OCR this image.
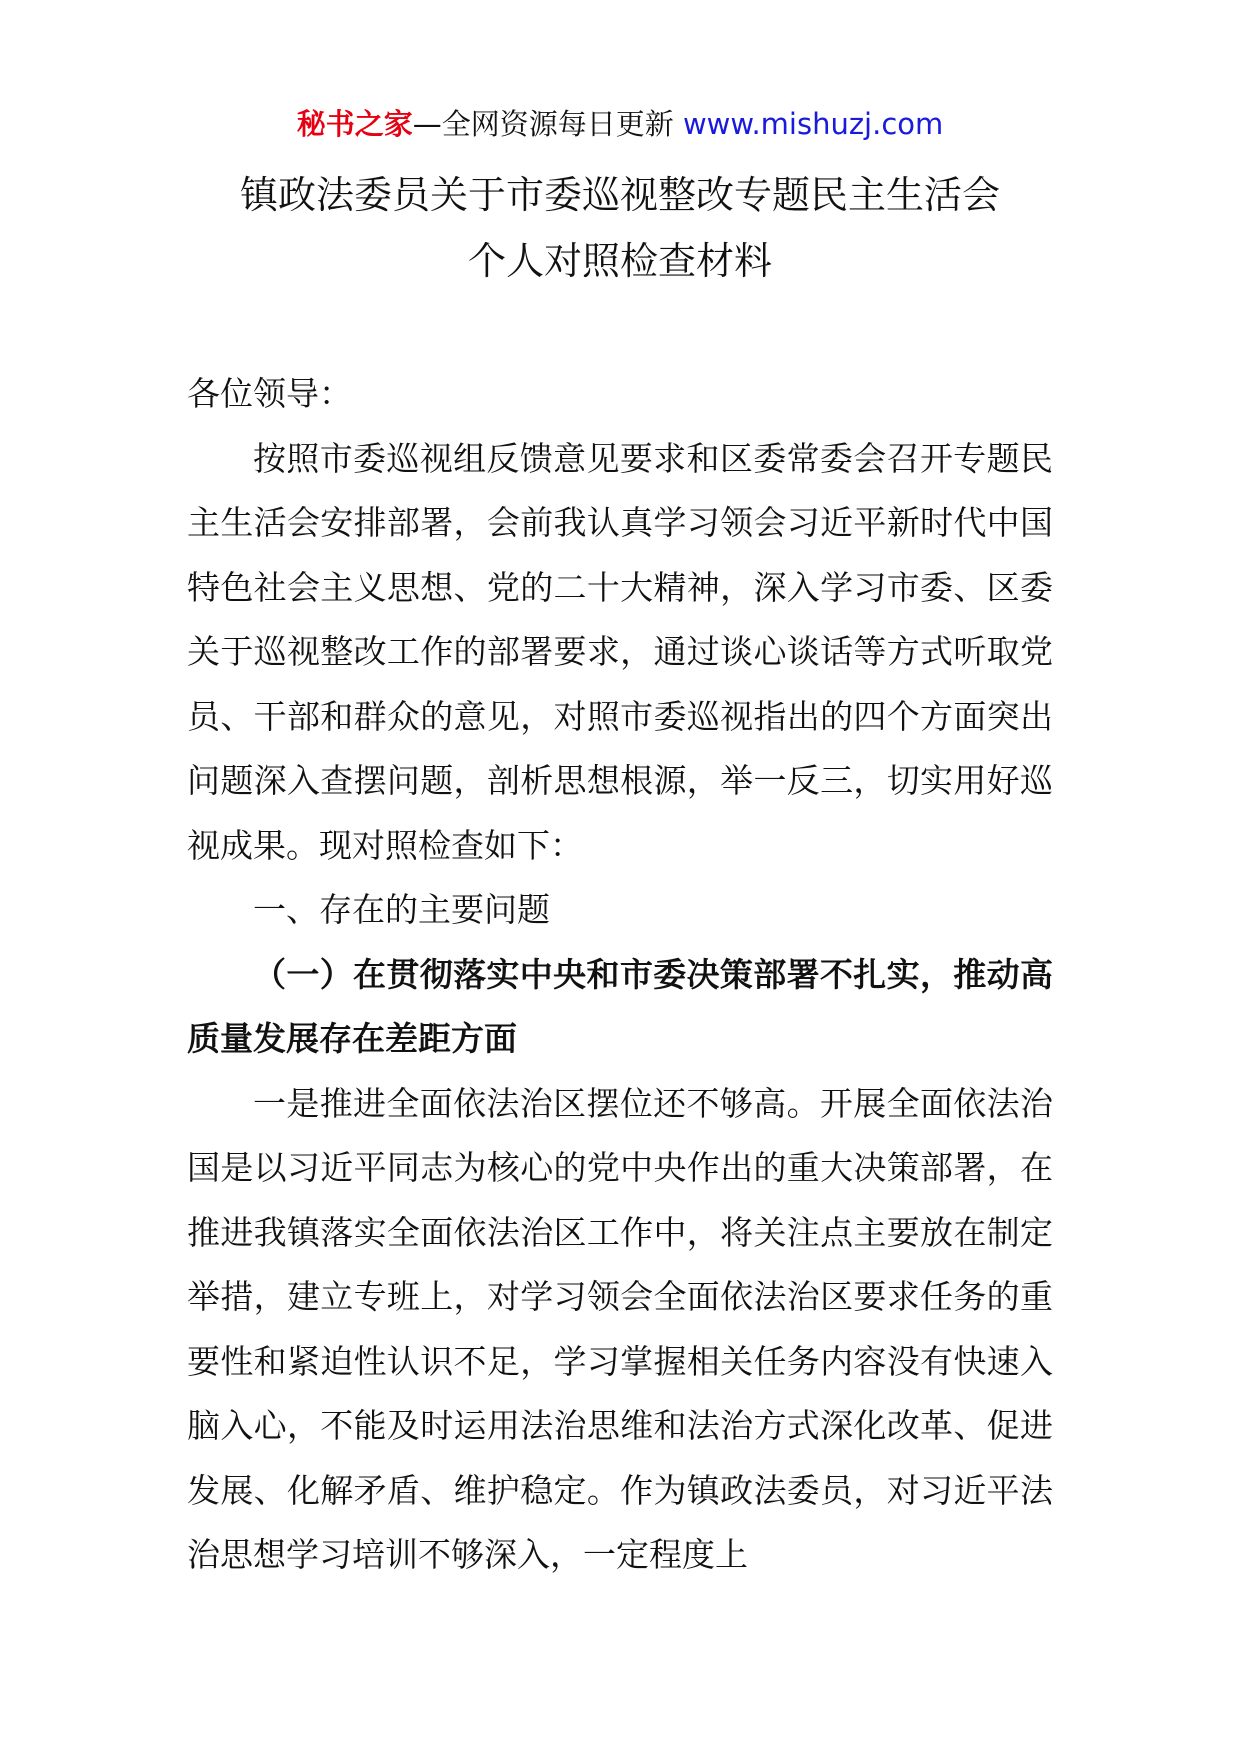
秘书之家—全网资源每日更新 www.mishuzj.com
镇政法委员关于市委巡视整改专题民主生活会
个人对照检查材料

各位领导：

按照市委巡视组反馈意见要求和区委常委会召开专题民主生活会安排部署，会前我认真学习领会习近平新时代中国特色社会主义思想、党的二十大精神，深入学习市委、区委关于巡视整改工作的部署要求，通过谈心谈话等方式听取党员、干部和群众的意见，对照市委巡视指出的四个方面突出问题深入查摆问题，剖析思想根源，举一反三，切实用好巡视成果。现对照检查如下：

一、存在的主要问题

（一）在贯彻落实中央和市委决策部署不扎实，推动高质量发展存在差距方面

一是推进全面依法治区摆位还不够高。开展全面依法治国是以习近平同志为核心的党中央作出的重大决策部署，在推进我镇落实全面依法治区工作中，将关注点主要放在制定举措，建立专班上，对学习领会全面依法治区要求任务的重要性和紧迫性认识不足，学习掌握相关任务内容没有快速入脑入心，不能及时运用法治思维和法治方式深化改革、促进发展、化解矛盾、维护稳定。作为镇政法委员，对习近平法治思想学习培训不够深入，一定程度上
